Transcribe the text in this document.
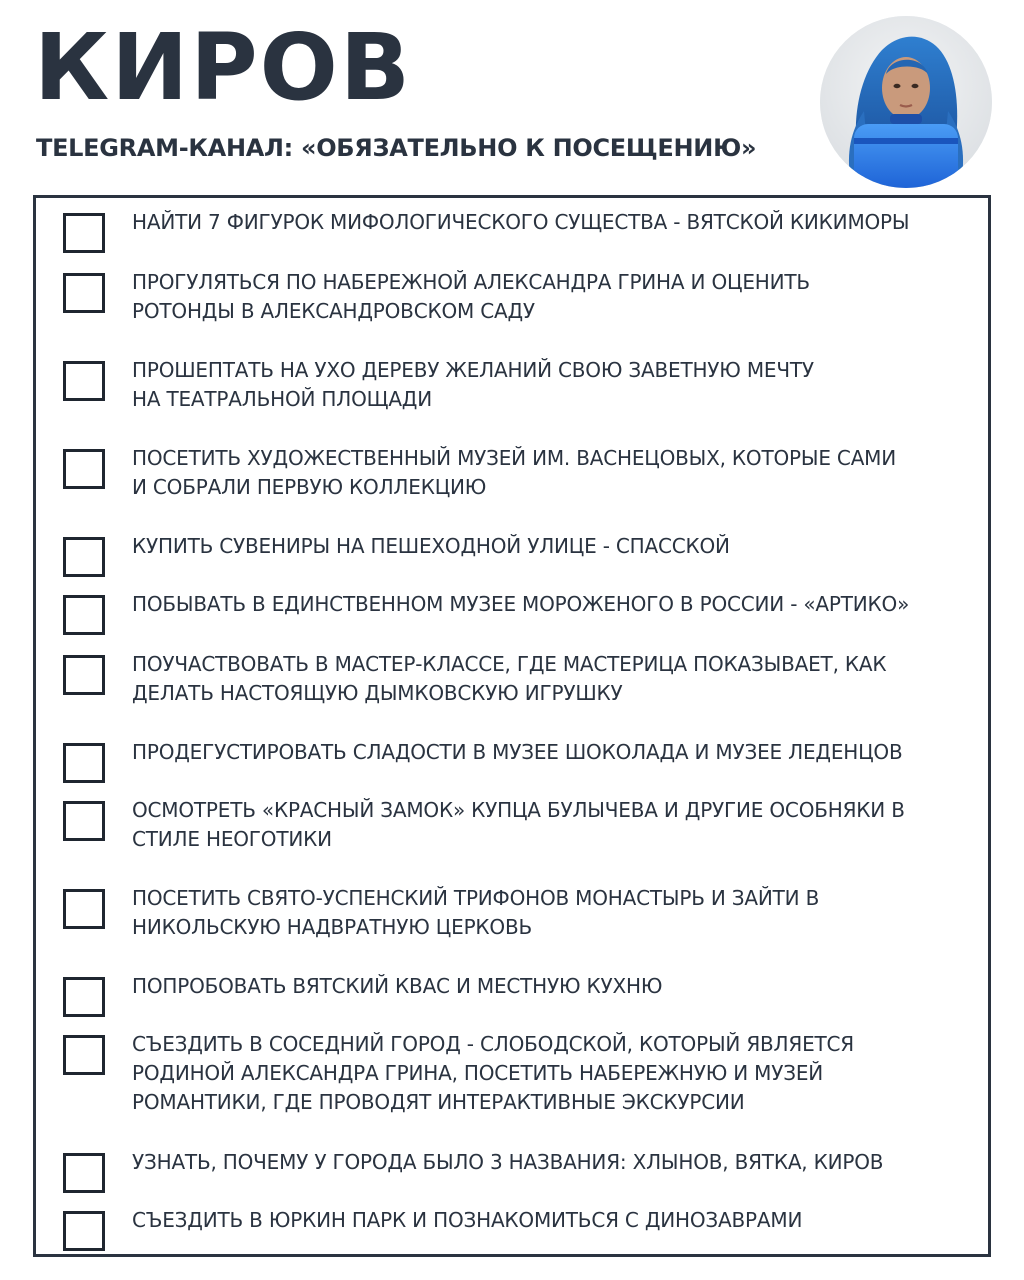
КИРОВ
TELEGRAM-КАНАЛ: «ОБЯЗАТЕЛЬНО К ПОСЕЩЕНИЮ»
НАЙТИ 7 ФИГУРОК МИФОЛОГИЧЕСКОГО СУЩЕСТВА - ВЯТСКОЙ КИКИМОРЫ
ПРОГУЛЯТЬСЯ ПО НАБЕРЕЖНОЙ АЛЕКСАНДРА ГРИНА И ОЦЕНИТЬ
РОТОНДЫ В АЛЕКСАНДРОВСКОМ САДУ
ПРОШЕПТАТЬ НА УХО ДЕРЕВУ ЖЕЛАНИЙ СВОЮ ЗАВЕТНУЮ МЕЧТУ
НА ТЕАТРАЛЬНОЙ ПЛОЩАДИ
ПОСЕТИТЬ ХУДОЖЕСТВЕННЫЙ МУЗЕЙ ИМ. ВАСНЕЦОВЫХ, КОТОРЫЕ САМИ
И СОБРАЛИ ПЕРВУЮ КОЛЛЕКЦИЮ
КУПИТЬ СУВЕНИРЫ НА ПЕШЕХОДНОЙ УЛИЦЕ - СПАССКОЙ
ПОБЫВАТЬ В ЕДИНСТВЕННОМ МУЗЕЕ МОРОЖЕНОГО В РОССИИ - «АРТИКО»
ПОУЧАСТВОВАТЬ В МАСТЕР-КЛАССЕ, ГДЕ МАСТЕРИЦА ПОКАЗЫВАЕТ, КАК
ДЕЛАТЬ НАСТОЯЩУЮ ДЫМКОВСКУЮ ИГРУШКУ
ПРОДЕГУСТИРОВАТЬ СЛАДОСТИ В МУЗЕЕ ШОКОЛАДА И МУЗЕЕ ЛЕДЕНЦОВ
ОСМОТРЕТЬ «КРАСНЫЙ ЗАМОК» КУПЦА БУЛЫЧЕВА И ДРУГИЕ ОСОБНЯКИ В
СТИЛЕ НЕОГОТИКИ
ПОСЕТИТЬ СВЯТО-УСПЕНСКИЙ ТРИФОНОВ МОНАСТЫРЬ И ЗАЙТИ В
НИКОЛЬСКУЮ НАДВРАТНУЮ ЦЕРКОВЬ
ПОПРОБОВАТЬ ВЯТСКИЙ КВАС И МЕСТНУЮ КУХНЮ
СЪЕЗДИТЬ В СОСЕДНИЙ ГОРОД - СЛОБОДСКОЙ, КОТОРЫЙ ЯВЛЯЕТСЯ
РОДИНОЙ АЛЕКСАНДРА ГРИНА, ПОСЕТИТЬ НАБЕРЕЖНУЮ И МУЗЕЙ
РОМАНТИКИ, ГДЕ ПРОВОДЯТ ИНТЕРАКТИВНЫЕ ЭКСКУРСИИ
УЗНАТЬ, ПОЧЕМУ У ГОРОДА БЫЛО 3 НАЗВАНИЯ: ХЛЫНОВ, ВЯТКА, КИРОВ
СЪЕЗДИТЬ В ЮРКИН ПАРК И ПОЗНАКОМИТЬСЯ С ДИНОЗАВРАМИ
